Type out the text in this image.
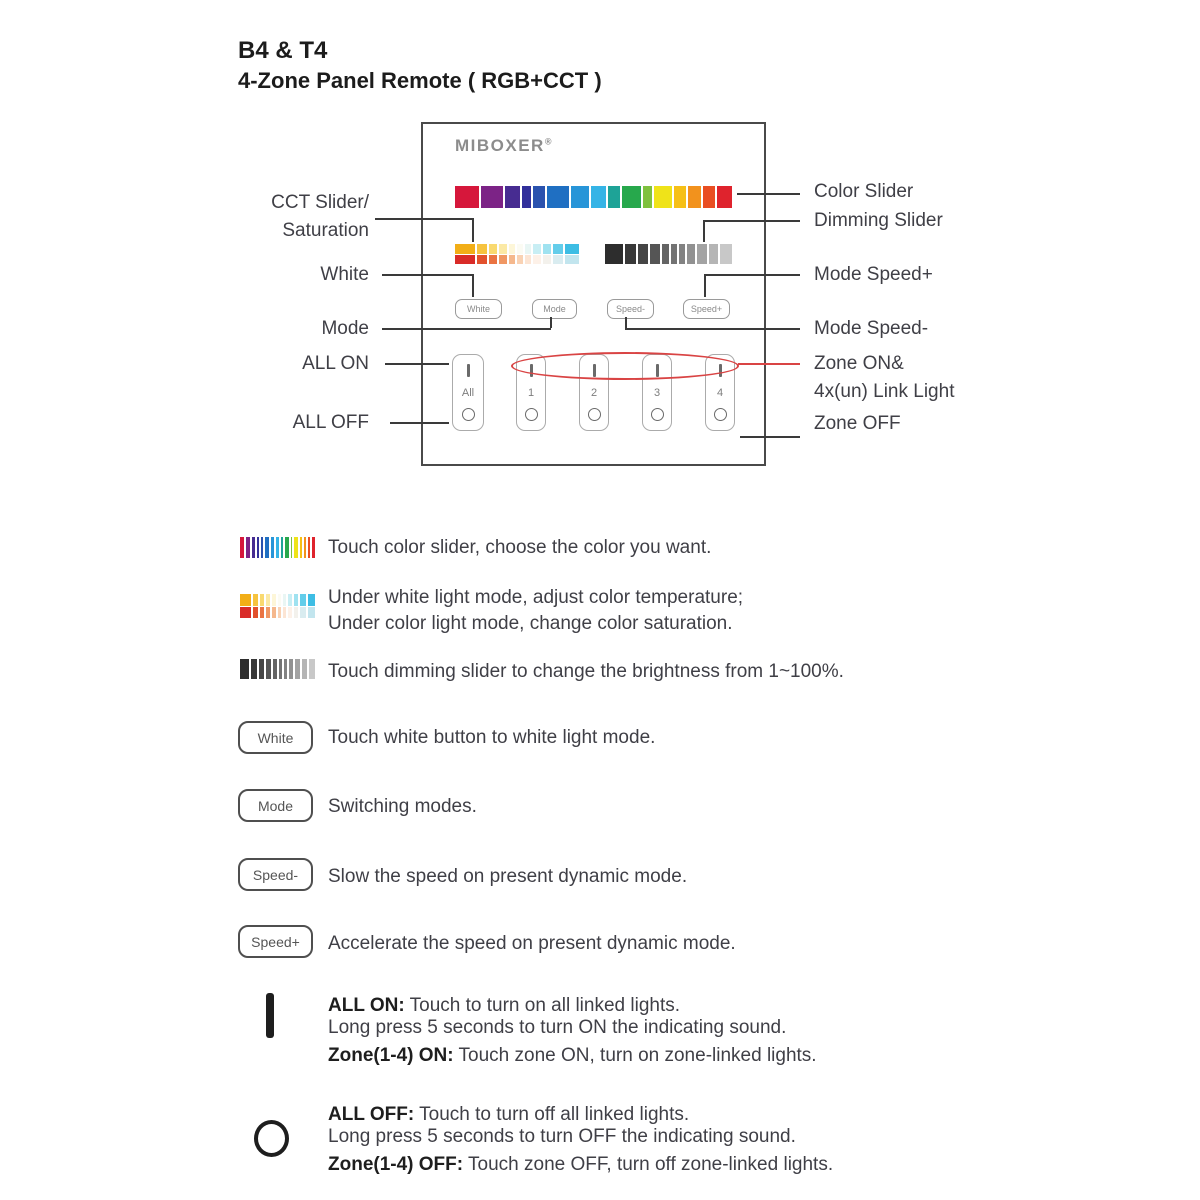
B4 & T4
4-Zone Panel Remote ( RGB+CCT )
MIBOXER®
White	Mode	Speed-	Speed+
All	1	2	3	4
CCT Slider/
Saturation
White
Mode
ALL ON
ALL OFF
Color Slider
Dimming Slider
Mode Speed+
Mode Speed-
Zone ON&
4x(un) Link Light
Zone OFF
Touch color slider, choose the color you want.
Under white light mode, adjust color temperature;
Under color light mode, change color saturation.
Touch dimming slider to change the brightness from 1~100%.
White	Touch white button to white light mode.
Mode	Switching modes.
Speed-	Slow the speed on present dynamic mode.
Speed+	Accelerate the speed on present dynamic mode.
ALL ON: Touch to turn on all linked lights.
Long press 5 seconds to turn ON the indicating sound.
Zone(1-4) ON: Touch zone ON, turn on zone-linked lights.
ALL OFF: Touch to turn off all linked lights.
Long press 5 seconds to turn OFF the indicating sound.
Zone(1-4) OFF: Touch zone OFF, turn off zone-linked lights.
